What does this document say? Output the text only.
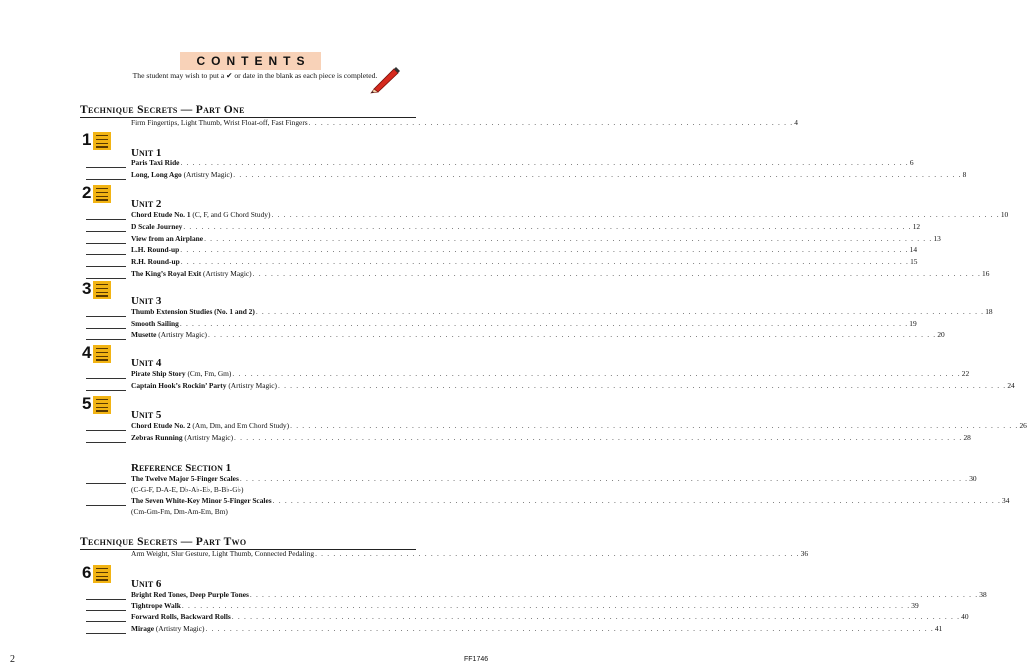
CONTENTS
The student may wish to put a ✔ or date in the blank as each piece is completed.
Technique Secrets — Part One
Firm Fingertips, Light Thumb, Wrist Float-off, Fast Fingers . . . . . . . . . . . . . . . . . . . . . . . . . . . . . . . . . . . . . . . . . . . . . . . . . . . . . . . . . . . . . . . . . . . . . . . . . . . . . . . . 4
1
Unit 1
Paris Taxi Ride . . . . . . . . . . . . . . . . . . . . . . . . . . . . . . . . . . . . . . . . . . . . . . . . . . . . . . . . . . . . . . . . . . . . . . . . . . . . . . . . . . . . . . . . . . . . . . . . . . . . . . . . . . . . . . . . . . . . . . . . 6
Long, Long Ago (Artistry Magic) . . . . . . . . . . . . . . . . . . . . . . . . . . . . . . . . . . . . . . . . . . . . . . . . . . . . . . . . . . . . . . . . . . . . . . . . . . . . . . . . . . . . . . . . . . . . . . . . . . . . . . . . . . . . . . . . . . . . . . . . 8
2
Unit 2
Chord Etude No. 1 (C, F, and G Chord Study) . . . . . . . . . . . . . . . . . . . . . . . . . . . . . . . . . . . . . . . . . . . . . . . . . . . . . . . . . . . . . . . . . . . . . . . . . . . . . . . . . . . . . . . . . . . . . . . . . . . . . . . . . . . . . . . . . . . . . . . . 10
D Scale Journey . . . . . . . . . . . . . . . . . . . . . . . . . . . . . . . . . . . . . . . . . . . . . . . . . . . . . . . . . . . . . . . . . . . . . . . . . . . . . . . . . . . . . . . . . . . . . . . . . . . . . . . . . . . . . . . . . . . . . . . . 12
View from an Airplane . . . . . . . . . . . . . . . . . . . . . . . . . . . . . . . . . . . . . . . . . . . . . . . . . . . . . . . . . . . . . . . . . . . . . . . . . . . . . . . . . . . . . . . . . . . . . . . . . . . . . . . . . . . . . . . . . . . . . . . . 13
L.H. Round-up . . . . . . . . . . . . . . . . . . . . . . . . . . . . . . . . . . . . . . . . . . . . . . . . . . . . . . . . . . . . . . . . . . . . . . . . . . . . . . . . . . . . . . . . . . . . . . . . . . . . . . . . . . . . . . . . . . . . . . . . 14
R.H. Round-up . . . . . . . . . . . . . . . . . . . . . . . . . . . . . . . . . . . . . . . . . . . . . . . . . . . . . . . . . . . . . . . . . . . . . . . . . . . . . . . . . . . . . . . . . . . . . . . . . . . . . . . . . . . . . . . . . . . . . . . . 15
The King’s Royal Exit (Artistry Magic) . . . . . . . . . . . . . . . . . . . . . . . . . . . . . . . . . . . . . . . . . . . . . . . . . . . . . . . . . . . . . . . . . . . . . . . . . . . . . . . . . . . . . . . . . . . . . . . . . . . . . . . . . . . . . . . . . . . . . . . . 16
3
Unit 3
Thumb Extension Studies (No. 1 and 2) . . . . . . . . . . . . . . . . . . . . . . . . . . . . . . . . . . . . . . . . . . . . . . . . . . . . . . . . . . . . . . . . . . . . . . . . . . . . . . . . . . . . . . . . . . . . . . . . . . . . . . . . . . . . . . . . . . . . . . . . 18
Smooth Sailing . . . . . . . . . . . . . . . . . . . . . . . . . . . . . . . . . . . . . . . . . . . . . . . . . . . . . . . . . . . . . . . . . . . . . . . . . . . . . . . . . . . . . . . . . . . . . . . . . . . . . . . . . . . . . . . . . . . . . . . . 19
Musette (Artistry Magic) . . . . . . . . . . . . . . . . . . . . . . . . . . . . . . . . . . . . . . . . . . . . . . . . . . . . . . . . . . . . . . . . . . . . . . . . . . . . . . . . . . . . . . . . . . . . . . . . . . . . . . . . . . . . . . . . . . . . . . . . 20
4
Unit 4
Pirate Ship Story (Cm, Fm, Gm) . . . . . . . . . . . . . . . . . . . . . . . . . . . . . . . . . . . . . . . . . . . . . . . . . . . . . . . . . . . . . . . . . . . . . . . . . . . . . . . . . . . . . . . . . . . . . . . . . . . . . . . . . . . . . . . . . . . . . . . . 22
Captain Hook’s Rockin’ Party (Artistry Magic) . . . . . . . . . . . . . . . . . . . . . . . . . . . . . . . . . . . . . . . . . . . . . . . . . . . . . . . . . . . . . . . . . . . . . . . . . . . . . . . . . . . . . . . . . . . . . . . . . . . . . . . . . . . . . . . . . . . . . . . . 24
5
Unit 5
Chord Etude No. 2 (Am, Dm, and Em Chord Study) . . . . . . . . . . . . . . . . . . . . . . . . . . . . . . . . . . . . . . . . . . . . . . . . . . . . . . . . . . . . . . . . . . . . . . . . . . . . . . . . . . . . . . . . . . . . . . . . . . . . . . . . . . . . . . . . . . . . . . . . 26
Zebras Running (Artistry Magic) . . . . . . . . . . . . . . . . . . . . . . . . . . . . . . . . . . . . . . . . . . . . . . . . . . . . . . . . . . . . . . . . . . . . . . . . . . . . . . . . . . . . . . . . . . . . . . . . . . . . . . . . . . . . . . . . . . . . . . . . 28
6
Unit 6
Bright Red Tones, Deep Purple Tones . . . . . . . . . . . . . . . . . . . . . . . . . . . . . . . . . . . . . . . . . . . . . . . . . . . . . . . . . . . . . . . . . . . . . . . . . . . . . . . . . . . . . . . . . . . . . . . . . . . . . . . . . . . . . . . . . . . . . . . . 38
Tightrope Walk . . . . . . . . . . . . . . . . . . . . . . . . . . . . . . . . . . . . . . . . . . . . . . . . . . . . . . . . . . . . . . . . . . . . . . . . . . . . . . . . . . . . . . . . . . . . . . . . . . . . . . . . . . . . . . . . . . . . . . . . 39
Forward Rolls, Backward Rolls . . . . . . . . . . . . . . . . . . . . . . . . . . . . . . . . . . . . . . . . . . . . . . . . . . . . . . . . . . . . . . . . . . . . . . . . . . . . . . . . . . . . . . . . . . . . . . . . . . . . . . . . . . . . . . . . . . . . . . . . 40
Mirage (Artistry Magic) . . . . . . . . . . . . . . . . . . . . . . . . . . . . . . . . . . . . . . . . . . . . . . . . . . . . . . . . . . . . . . . . . . . . . . . . . . . . . . . . . . . . . . . . . . . . . . . . . . . . . . . . . . . . . . . . . . . . . . . . 41
Reference Section 1
The Twelve Major 5-Finger Scales . . . . . . . . . . . . . . . . . . . . . . . . . . . . . . . . . . . . . . . . . . . . . . . . . . . . . . . . . . . . . . . . . . . . . . . . . . . . . . . . . . . . . . . . . . . . . . . . . . . . . . . . . . . . . . . . . . . . . . . . 30
(C-G-F, D-A-E, D♭-A♭-E♭, B-B♭-G♭)
The Seven White-Key Minor 5-Finger Scales . . . . . . . . . . . . . . . . . . . . . . . . . . . . . . . . . . . . . . . . . . . . . . . . . . . . . . . . . . . . . . . . . . . . . . . . . . . . . . . . . . . . . . . . . . . . . . . . . . . . . . . . . . . . . . . . . . . . . . . . 34
(Cm-Gm-Fm, Dm-Am-Em, Bm)
2	FF1746
Technique Secrets — Part Two
Arm Weight, Slur Gesture, Light Thumb, Connected Pedaling . . . . . . . . . . . . . . . . . . . . . . . . . . . . . . . . . . . . . . . . . . . . . . . . . . . . . . . . . . . . . . . . . . . . . . . . . . . . . . . . 36
